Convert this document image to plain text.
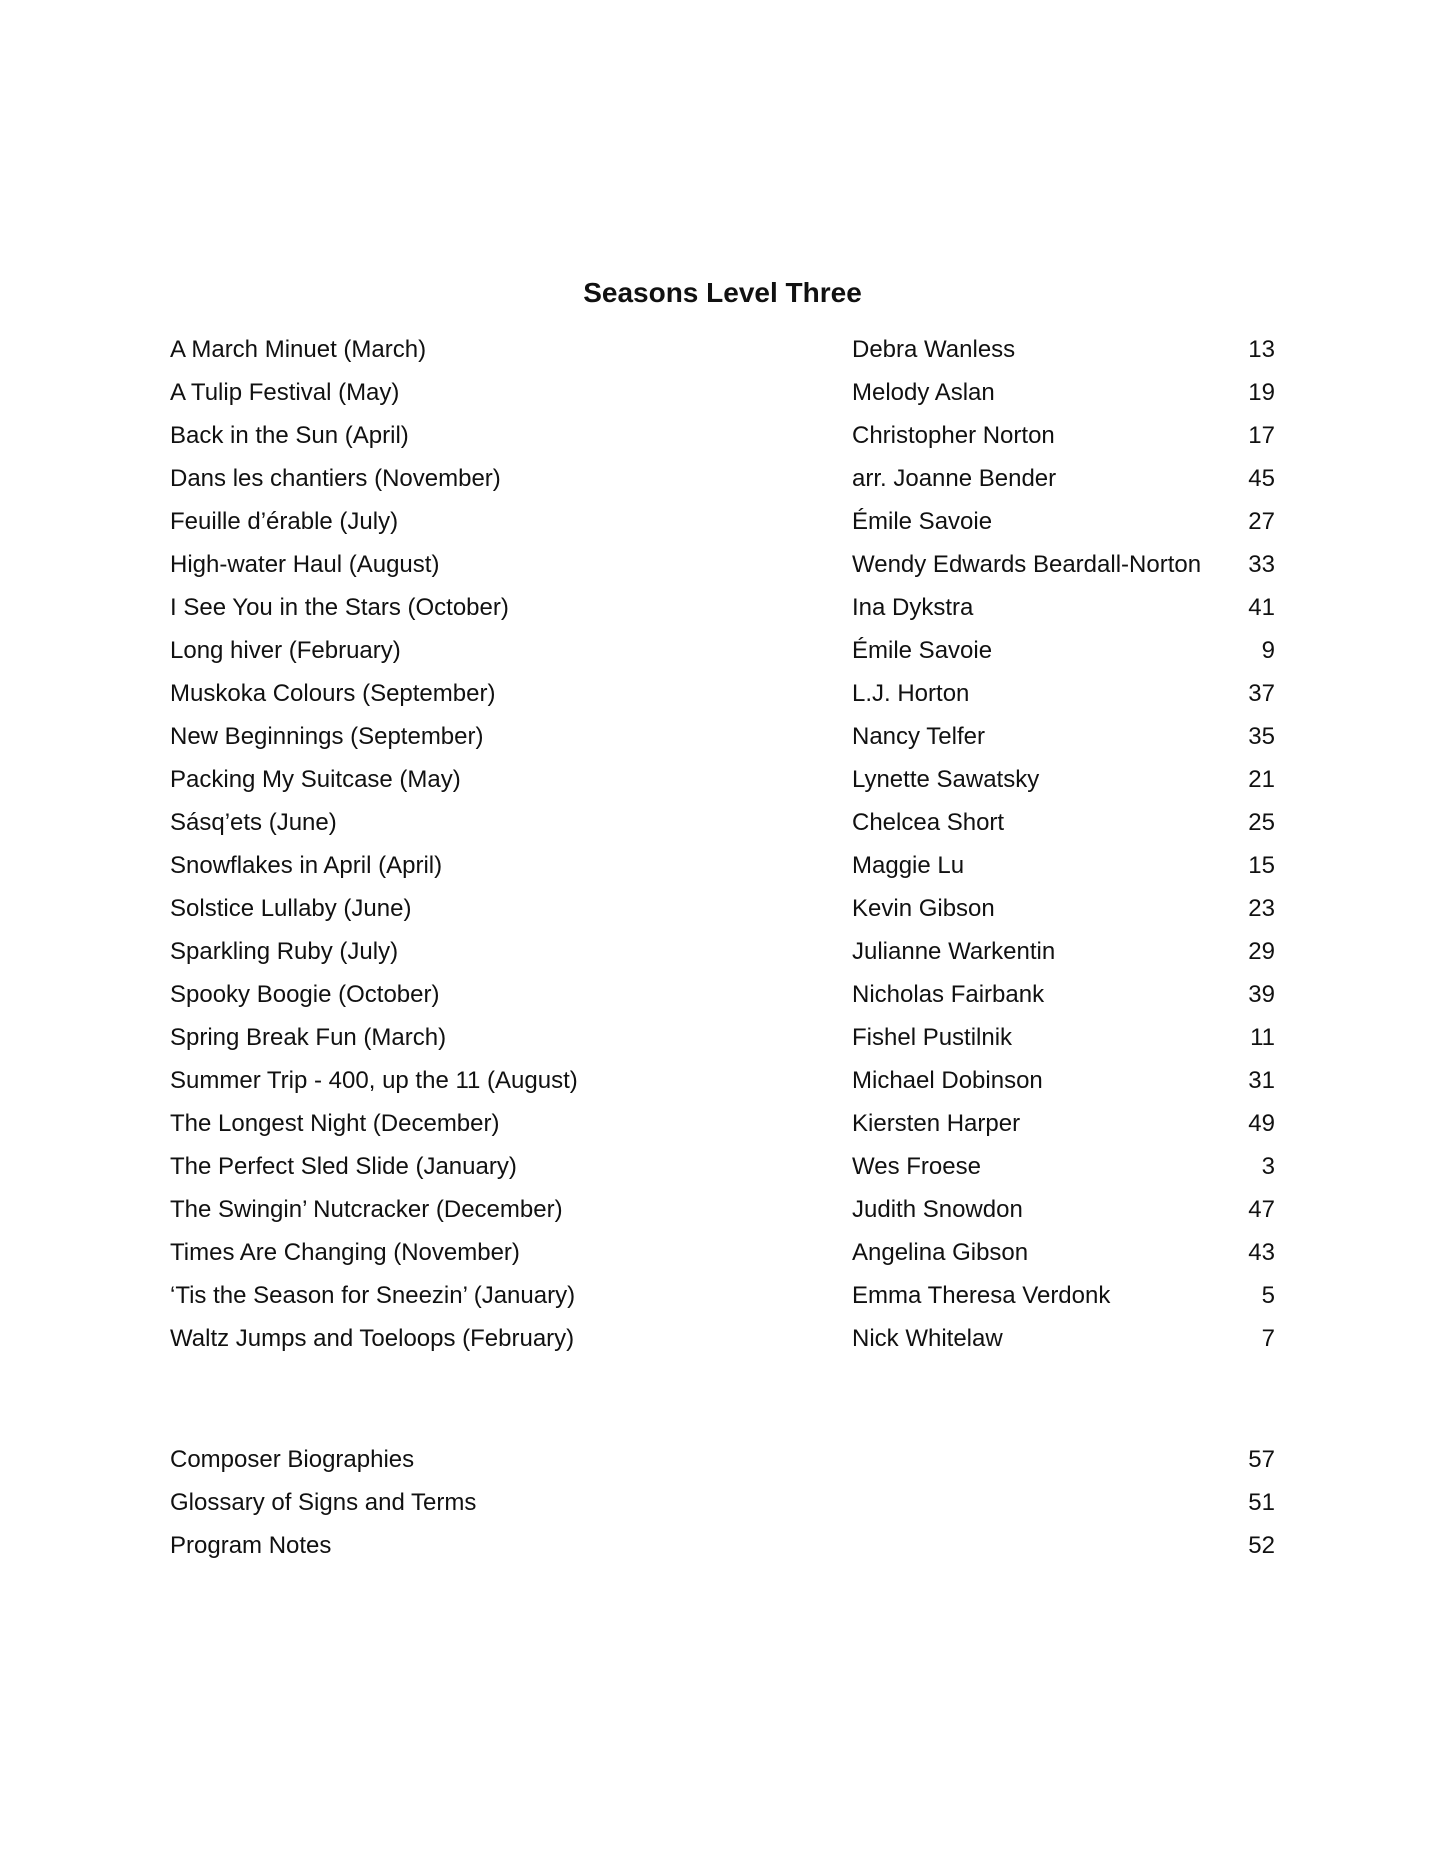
Seasons Level Three
A March Minuet (March)	Debra Wanless	13
A Tulip Festival (May)	Melody Aslan	19
Back in the Sun (April)	Christopher Norton	17
Dans les chantiers (November)	arr. Joanne Bender	45
Feuille d’érable (July)	Émile Savoie	27
High-water Haul (August)	Wendy Edwards Beardall-Norton 33
I See You in the Stars (October)	Ina Dykstra	41
Long hiver (February)	Émile Savoie	9
Muskoka Colours (September)	L.J. Horton	37
New Beginnings (September)	Nancy Telfer	35
Packing My Suitcase (May)	Lynette Sawatsky	21
Sásq’ets (June)	Chelcea Short	25
Snowflakes in April (April)	Maggie Lu	15
Solstice Lullaby (June)	Kevin Gibson	23
Sparkling Ruby (July)	Julianne Warkentin	29
Spooky Boogie (October)	Nicholas Fairbank	39
Spring Break Fun (March)	Fishel Pustilnik	11
Summer Trip - 400, up the 11 (August)	Michael Dobinson	31
The Longest Night (December)	Kiersten Harper	49
The Perfect Sled Slide (January)	Wes Froese	3
The Swingin’ Nutcracker (December)	Judith Snowdon	47
Times Are Changing (November)	Angelina Gibson	43
‘Tis the Season for Sneezin’ (January)	Emma Theresa Verdonk	5
Waltz Jumps and Toeloops (February)	Nick Whitelaw	7
Composer Biographies	57
Glossary of Signs and Terms	51
Program Notes	52
